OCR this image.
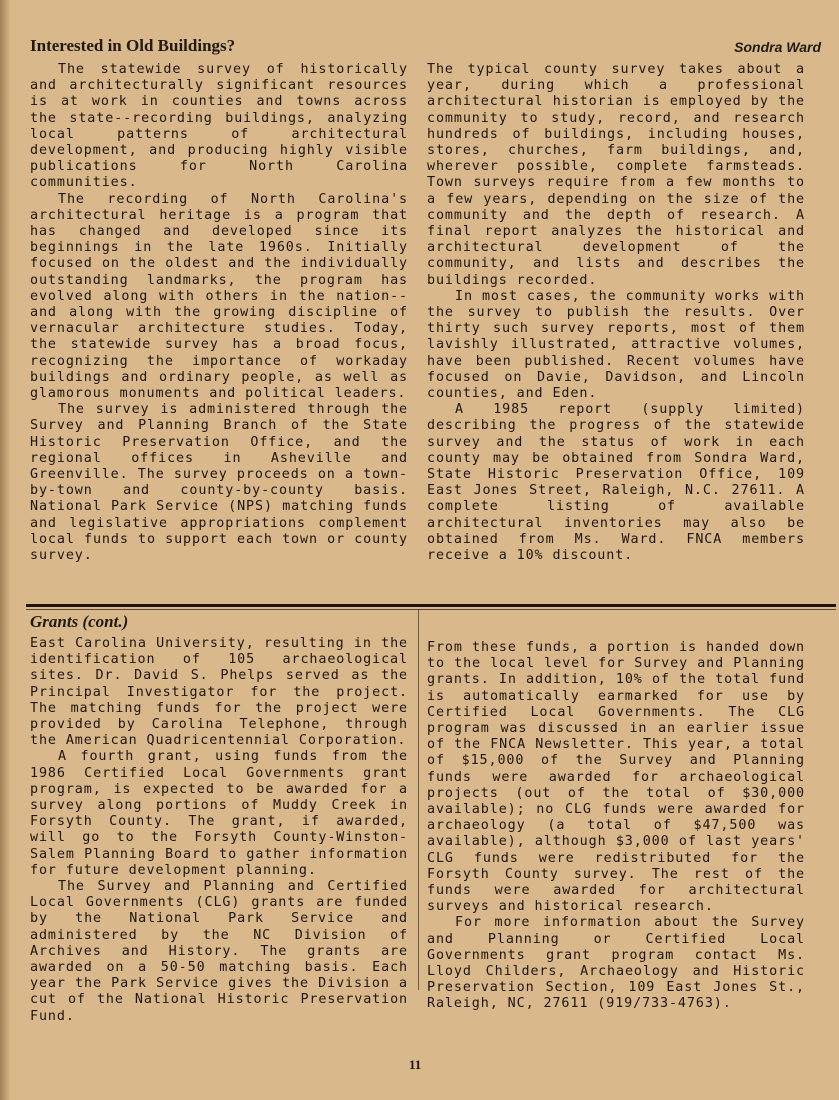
Interested in Old Buildings?	Sondra Ward

The statewide survey of historically and architecturally significant resources is at work in counties and towns across the state--recording buildings, analyzing local patterns of architectural development, and producing highly visible publications for North Carolina communities.

The recording of North Carolina's architectural heritage is a program that has changed and developed since its beginnings in the late 1960s. Initially focused on the oldest and the individually outstanding landmarks, the program has evolved along with others in the nation--and along with the growing discipline of vernacular architecture studies. Today, the statewide survey has a broad focus, recognizing the importance of workaday buildings and ordinary people, as well as glamorous monuments and political leaders.

The survey is administered through the Survey and Planning Branch of the State Historic Preservation Office, and the regional offices in Asheville and Greenville. The survey proceeds on a town-by-town and county-by-county basis. National Park Service (NPS) matching funds and legislative appropriations complement local funds to support each town or county survey.

The typical county survey takes about a year, during which a professional architectural historian is employed by the community to study, record, and research hundreds of buildings, including houses, stores, churches, farm buildings, and, wherever possible, complete farmsteads. Town surveys require from a few months to a few years, depending on the size of the community and the depth of research. A final report analyzes the historical and architectural development of the community, and lists and describes the buildings recorded.

In most cases, the community works with the survey to publish the results. Over thirty such survey reports, most of them lavishly illustrated, attractive volumes, have been published. Recent volumes have focused on Davie, Davidson, and Lincoln counties, and Eden.

A 1985 report (supply limited) describing the progress of the statewide survey and the status of work in each county may be obtained from Sondra Ward, State Historic Preservation Office, 109 East Jones Street, Raleigh, N.C. 27611. A complete listing of available architectural inventories may also be obtained from Ms. Ward. FNCA members receive a 10% discount.

Grants (cont.)

East Carolina University, resulting in the identification of 105 archaeological sites. Dr. David S. Phelps served as the Principal Investigator for the project. The matching funds for the project were provided by Carolina Telephone, through the American Quadricentennial Corporation.

A fourth grant, using funds from the 1986 Certified Local Governments grant program, is expected to be awarded for a survey along portions of Muddy Creek in Forsyth County. The grant, if awarded, will go to the Forsyth County-Winston-Salem Planning Board to gather information for future development planning.

The Survey and Planning and Certified Local Governments (CLG) grants are funded by the National Park Service and administered by the NC Division of Archives and History. The grants are awarded on a 50-50 matching basis. Each year the Park Service gives the Division a cut of the National Historic Preservation Fund.

From these funds, a portion is handed down to the local level for Survey and Planning grants. In addition, 10% of the total fund is automatically earmarked for use by Certified Local Governments. The CLG program was discussed in an earlier issue of the FNCA Newsletter. This year, a total of $15,000 of the Survey and Planning funds were awarded for archaeological projects (out of the total of $30,000 available); no CLG funds were awarded for archaeology (a total of $47,500 was available), although $3,000 of last years' CLG funds were redistributed for the Forsyth County survey. The rest of the funds were awarded for architectural surveys and historical research.

For more information about the Survey and Planning or Certified Local Governments grant program contact Ms. Lloyd Childers, Archaeology and Historic Preservation Section, 109 East Jones St., Raleigh, NC, 27611 (919/733-4763).

11
